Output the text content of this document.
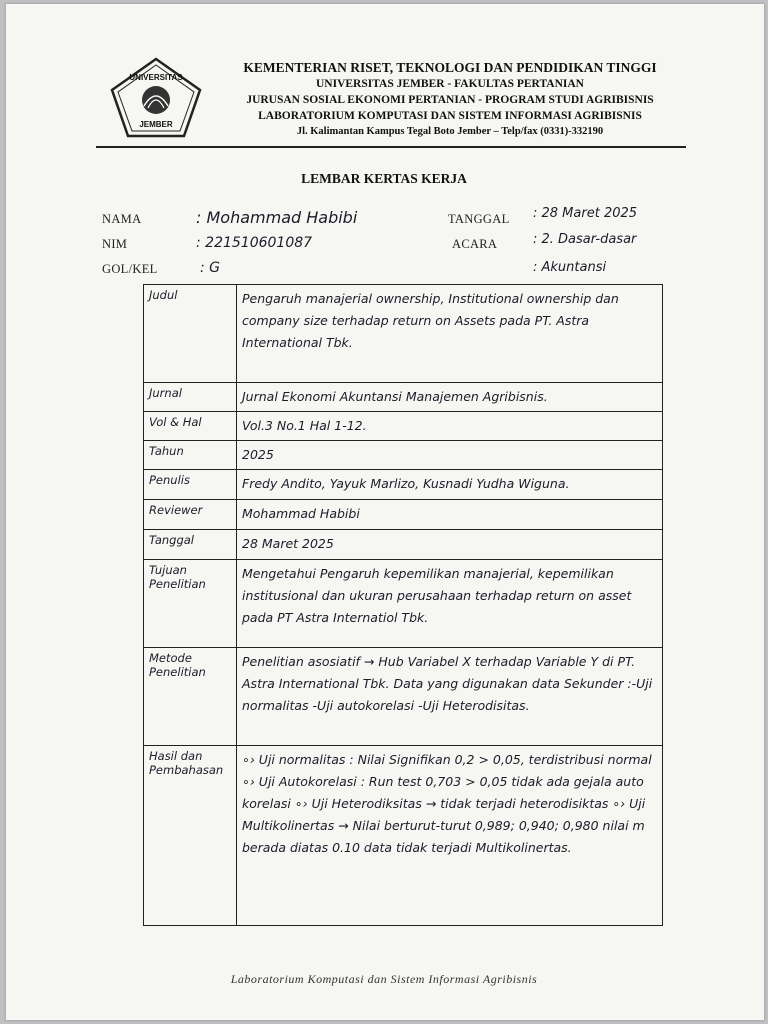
UNIVERSITAS
JEMBER
KEMENTERIAN RISET, TEKNOLOGI DAN PENDIDIKAN TINGGI
UNIVERSITAS JEMBER - FAKULTAS PERTANIAN
JURUSAN SOSIAL EKONOMI PERTANIAN - PROGRAM STUDI AGRIBISNIS
LABORATORIUM KOMPUTASI DAN SISTEM INFORMASI AGRIBISNIS
Jl. Kalimantan Kampus Tegal Boto Jember – Telp/fax (0331)-332190
LEMBAR KERTAS KERJA
NAMA	: Mohammad Habibi
NIM	: 221510601087
GOL/KEL	: G
TANGGAL : 28 Maret 2025
ACARA	: 2. Dasar-dasar
: Akuntansi
Judul	Pengaruh manajerial ownership, Institutional ownership dan company size terhadap return on Assets pada PT. Astra International Tbk.
Jurnal	Jurnal Ekonomi Akuntansi Manajemen Agribisnis.
Vol & Hal	Vol.3 No.1 Hal 1-12.
Tahun	2025
Penulis	Fredy Andito, Yayuk Marlizo, Kusnadi Yudha Wiguna.
Reviewer	Mohammad Habibi
Tanggal	28 Maret 2025
Tujuan Penelitian	Mengetahui Pengaruh kepemilikan manajerial, kepemilikan institusional dan ukuran perusahaan terhadap return on asset pada PT Astra Internatiol Tbk.
Metode Penelitian	Penelitian asosiatif → Hub Variabel X terhadap Variable Y di PT. Astra International Tbk. Data yang digunakan data Sekunder :-Uji normalitas -Uji autokorelasi -Uji Heterodisitas.
Hasil dan Pembahasan	∘› Uji normalitas : Nilai Signifikan 0,2 > 0,05, terdistribusi normal ∘› Uji Autokorelasi : Run test 0,703 > 0,05 tidak ada gejala auto korelasi ∘› Uji Heterodiksitas → tidak terjadi heterodisiktas ∘› Uji Multikolinertas → Nilai berturut-turut 0,989; 0,940; 0,980 nilai m berada diatas 0.10 data tidak terjadi Multikolinertas.
Laboratorium Komputasi dan Sistem Informasi Agribisnis
